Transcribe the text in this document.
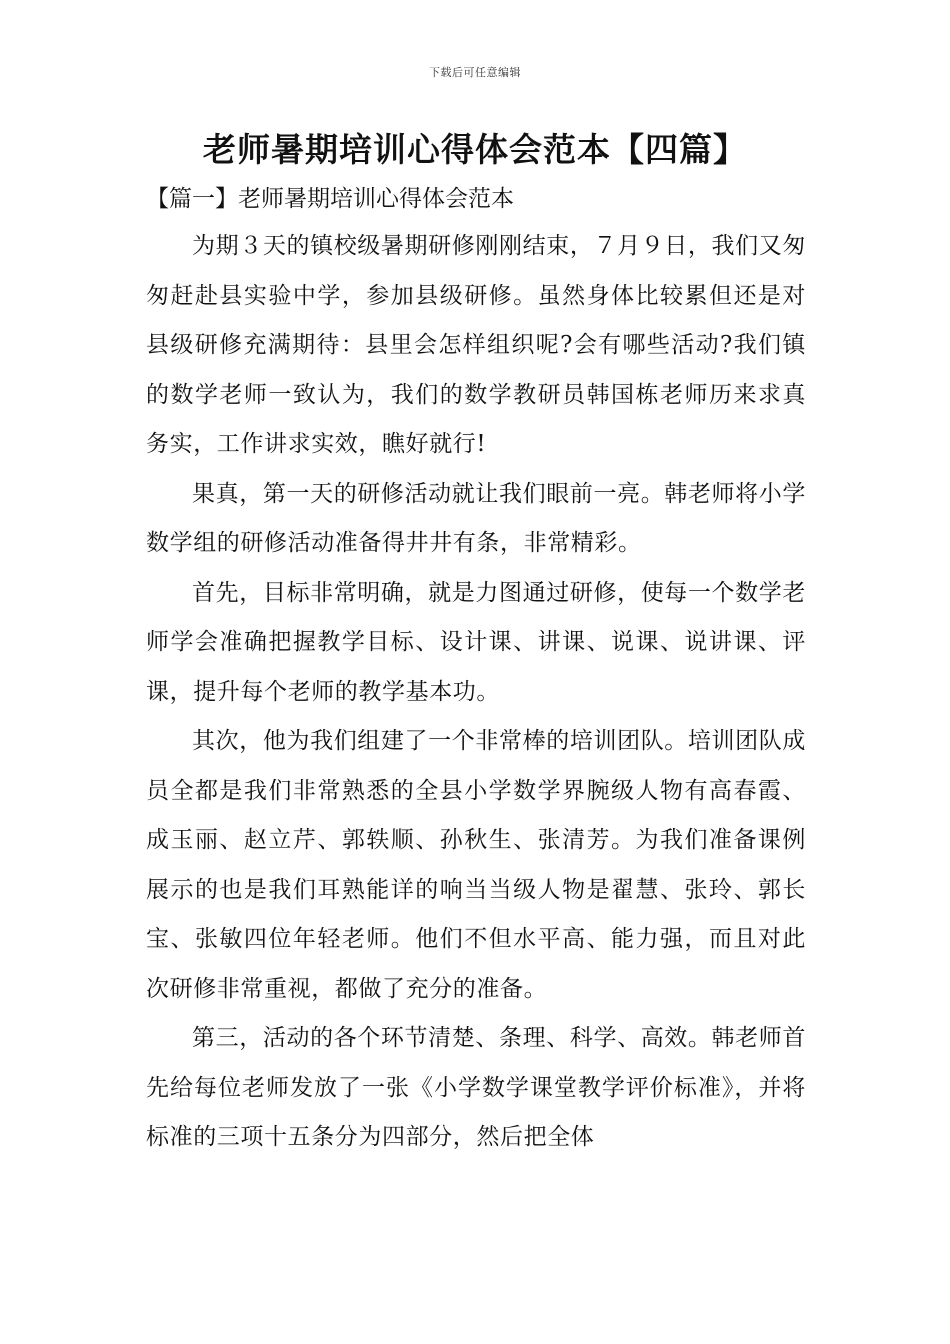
下载后可任意编辑
老师暑期培训心得体会范本【四篇】
【篇一】老师暑期培训心得体会范本

为期３天的镇校级暑期研修刚刚结束，７月９日，我们又匆匆赶赴县实验中学，参加县级研修。虽然身体比较累但还是对县级研修充满期待：县里会怎样组织呢?会有哪些活动?我们镇的数学老师一致认为，我们的数学教研员韩国栋老师历来求真务实，工作讲求实效，瞧好就行!

果真，第一天的研修活动就让我们眼前一亮。韩老师将小学数学组的研修活动准备得井井有条，非常精彩。

首先，目标非常明确，就是力图通过研修，使每一个数学老师学会准确把握教学目标、设计课、讲课、说课、说讲课、评课，提升每个老师的教学基本功。

其次，他为我们组建了一个非常棒的培训团队。培训团队成员全都是我们非常熟悉的全县小学数学界腕级人物有高春霞、成玉丽、赵立芹、郭轶顺、孙秋生、张清芳。为我们准备课例展示的也是我们耳熟能详的响当当级人物是翟慧、张玲、郭长宝、张敏四位年轻老师。他们不但水平高、能力强，而且对此次研修非常重视，都做了充分的准备。

第三，活动的各个环节清楚、条理、科学、高效。韩老师首先给每位老师发放了一张《小学数学课堂教学评价标准》，并将标准的三项十五条分为四部分，然后把全体
